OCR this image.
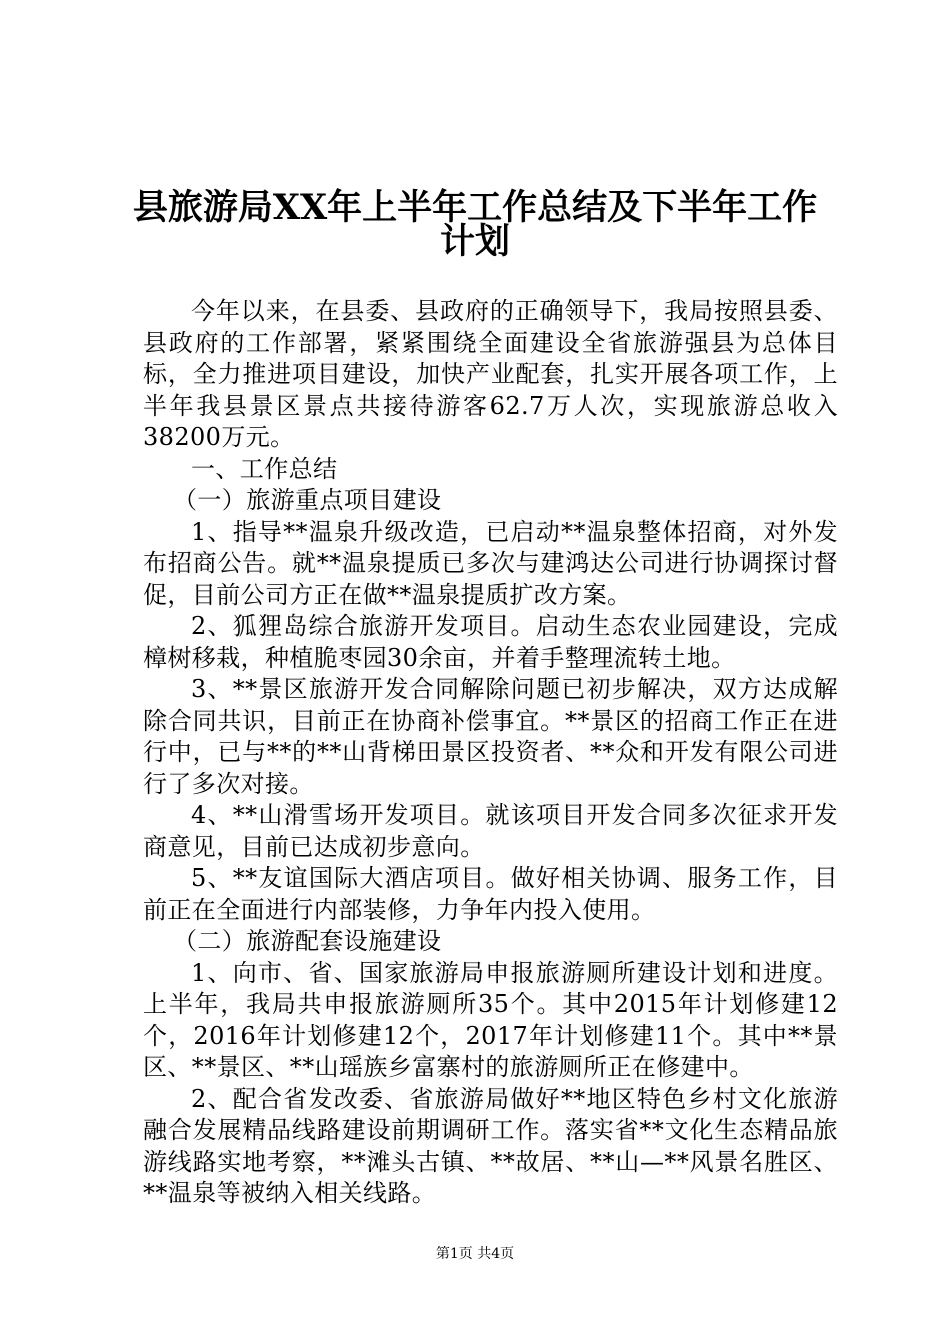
县旅游局XX年上半年工作总结及下半年工作
计划

今年以来，在县委、县政府的正确领导下，我局按照县委、县政府的工作部署，紧紧围绕全面建设全省旅游强县为总体目标，全力推进项目建设，加快产业配套，扎实开展各项工作，上半年我县景区景点共接待游客62.7万人次，实现旅游总收入38200万元。

一、工作总结

（一）旅游重点项目建设

1、指导**温泉升级改造，已启动**温泉整体招商，对外发布招商公告。就**温泉提质已多次与建鸿达公司进行协调探讨督促，目前公司方正在做**温泉提质扩改方案。

2、狐狸岛综合旅游开发项目。启动生态农业园建设，完成樟树移栽，种植脆枣园30余亩，并着手整理流转土地。

3、**景区旅游开发合同解除问题已初步解决，双方达成解除合同共识，目前正在协商补偿事宜。**景区的招商工作正在进行中，已与**的**山背梯田景区投资者、**众和开发有限公司进行了多次对接。

4、**山滑雪场开发项目。就该项目开发合同多次征求开发商意见，目前已达成初步意向。

5、**友谊国际大酒店项目。做好相关协调、服务工作，目前正在全面进行内部装修，力争年内投入使用。

（二）旅游配套设施建设

1、向市、省、国家旅游局申报旅游厕所建设计划和进度。上半年，我局共申报旅游厕所35个。其中2015年计划修建12个，2016年计划修建12个，2017年计划修建11个。其中**景区、**景区、**山瑶族乡富寨村的旅游厕所正在修建中。

2、配合省发改委、省旅游局做好**地区特色乡村文化旅游融合发展精品线路建设前期调研工作。落实省**文化生态精品旅游线路实地考察，**滩头古镇、**故居、**山—**风景名胜区、**温泉等被纳入相关线路。

第1页 共4页
